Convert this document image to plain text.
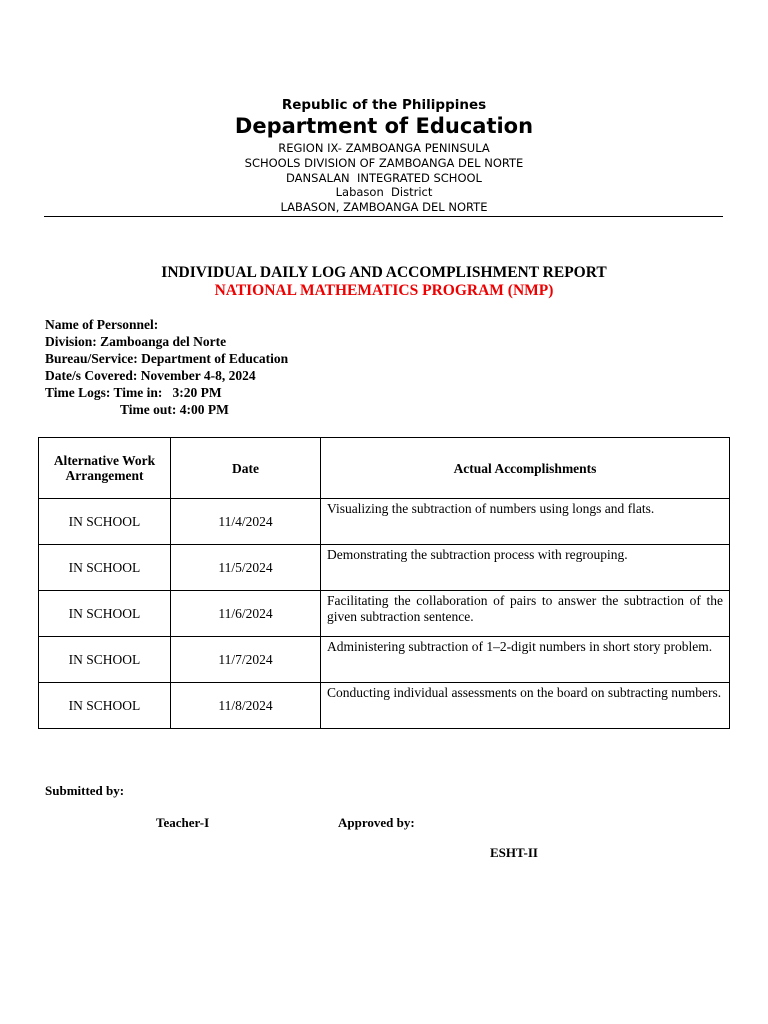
Republic of the Philippines
Department of Education
REGION IX- ZAMBOANGA PENINSULA
SCHOOLS DIVISION OF ZAMBOANGA DEL NORTE
DANSALAN  INTEGRATED SCHOOL
Labason  District
LABASON, ZAMBOANGA DEL NORTE
INDIVIDUAL DAILY LOG AND ACCOMPLISHMENT REPORT
NATIONAL MATHEMATICS PROGRAM (NMP)
Name of Personnel:
Division: Zamboanga del Norte
Bureau/Service: Department of Education
Date/s Covered: November 4-8, 2024
Time Logs: Time in:   3:20 PM
Time out: 4:00 PM
Alternative Work Arrangement	Date	Actual Accomplishments
IN SCHOOL	11/4/2024	Visualizing the subtraction of numbers using longs and flats.

IN SCHOOL	11/5/2024	Demonstrating the subtraction process with regrouping.

IN SCHOOL	11/6/2024	Facilitating the collaboration of pairs to answer the subtraction of the given subtraction sentence.

IN SCHOOL	11/7/2024	Administering subtraction of 1–2-digit numbers in short story problem.

IN SCHOOL	11/8/2024	Conducting individual assessments on the board on subtracting numbers.
Submitted by:
Teacher-I	Approved by:
ESHT-II
